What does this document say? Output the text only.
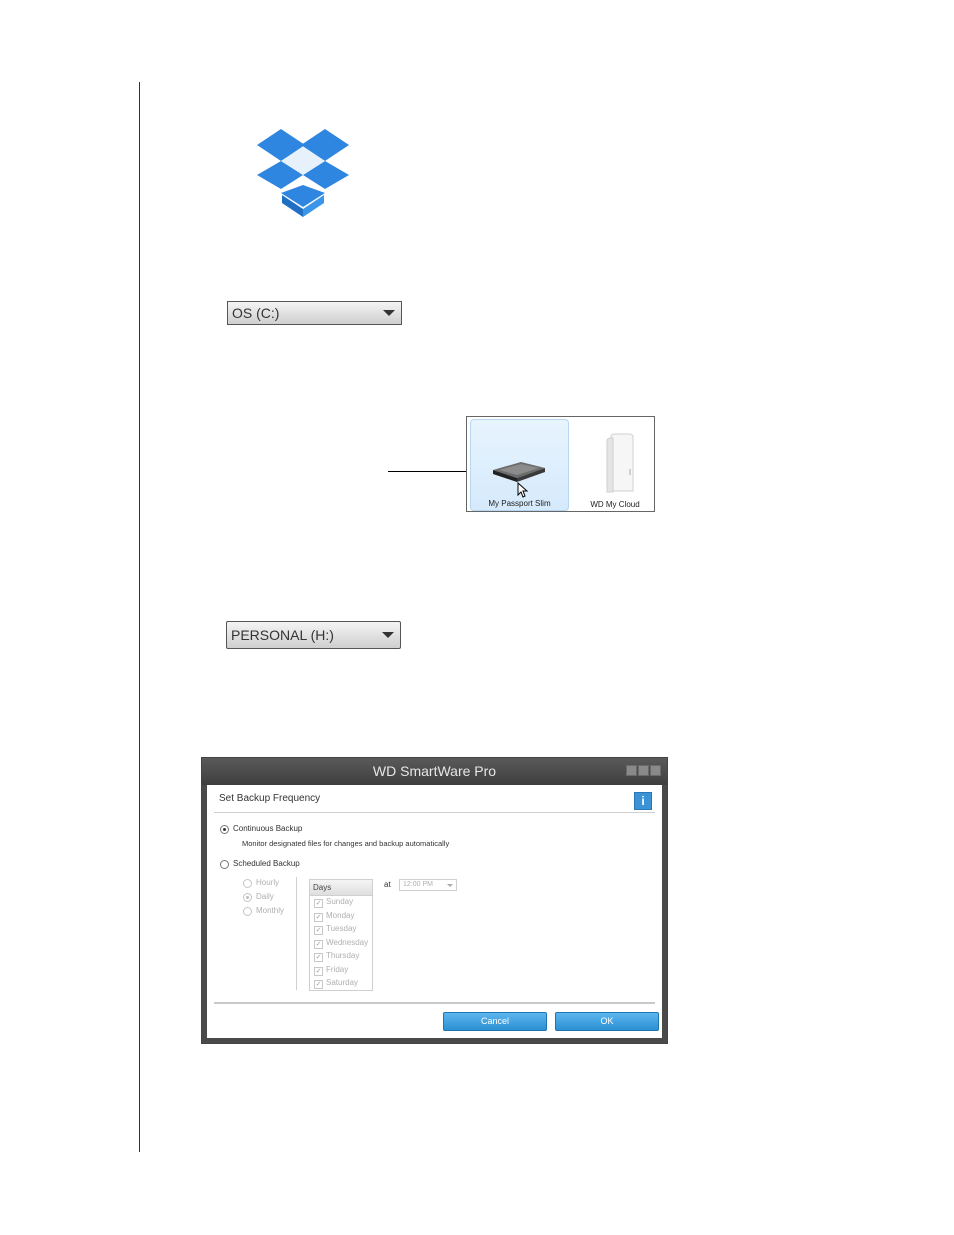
OS (C:)
My Passport Slim	WD My Cloud
PERSONAL (H:)
WD SmartWare Pro
Set Backup Frequency	i
Continuous Backup
Monitor designated files for changes and backup automatically
Scheduled Backup
Hourly
Daily
Monthly
Days
✓ Sunday
✓ Monday
✓ Tuesday
✓ Wednesday
✓ Thursday
✓ Friday
✓ Saturday
at	12:00 PM
Cancel	OK
